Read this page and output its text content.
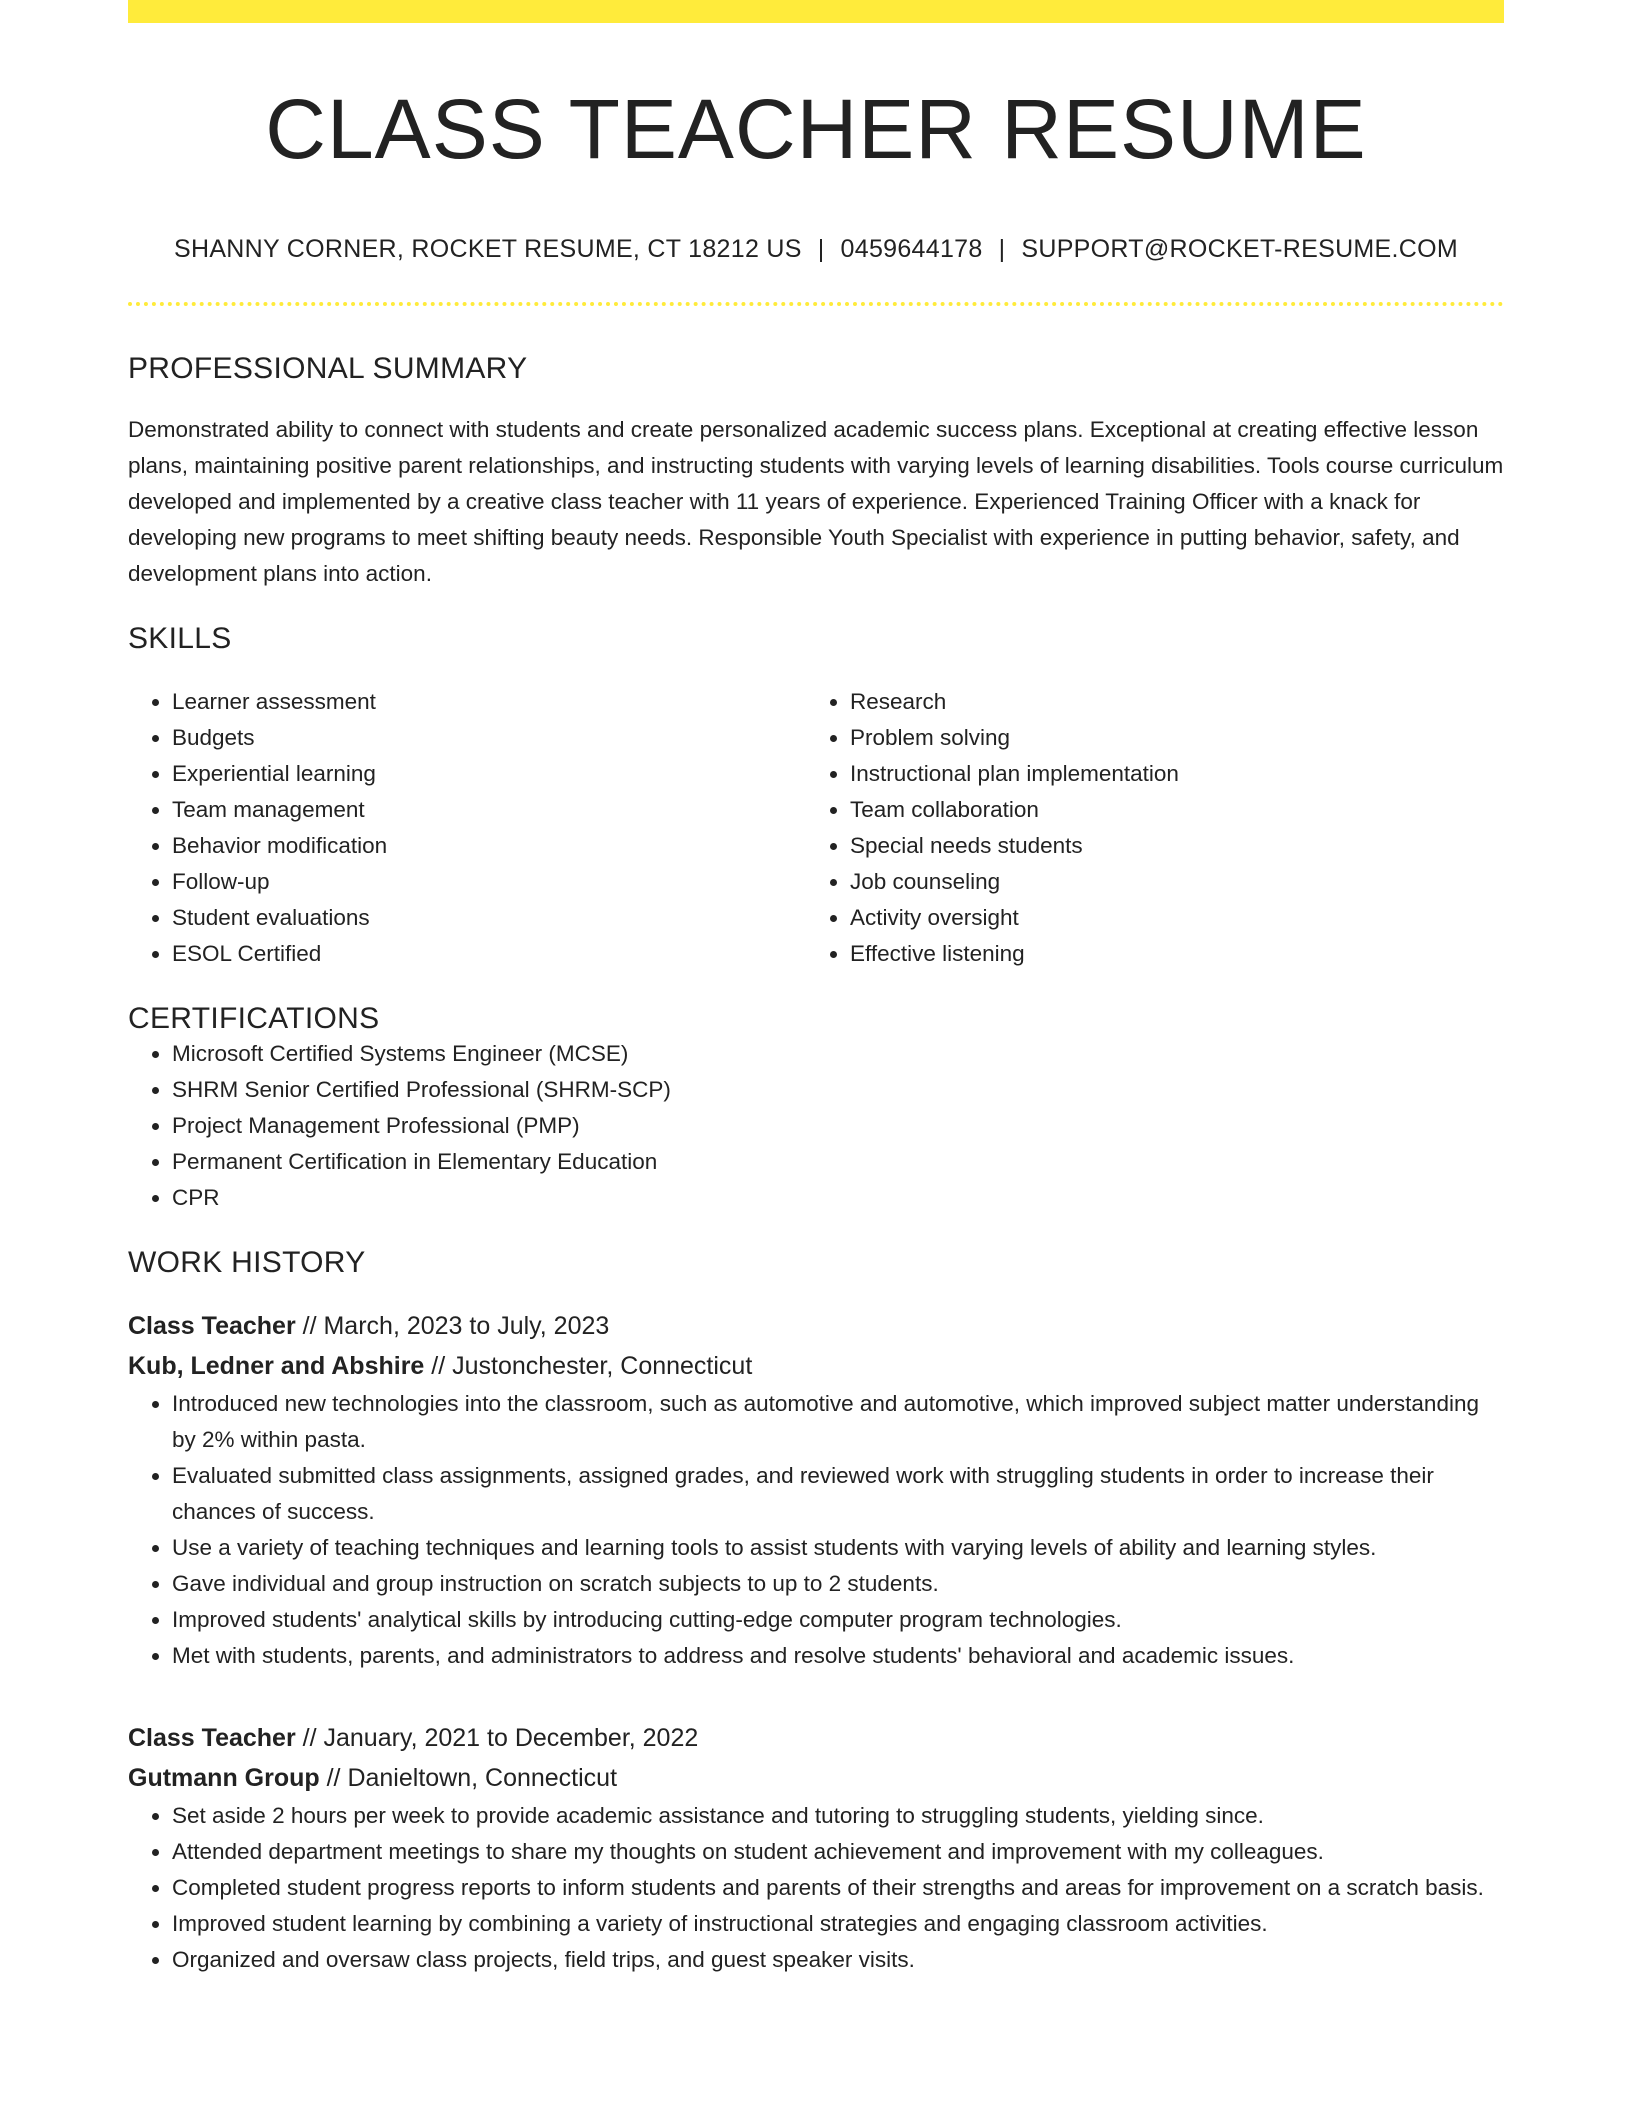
CLASS TEACHER RESUME
SHANNY CORNER, ROCKET RESUME, CT 18212 US | 0459644178 | SUPPORT@ROCKET-RESUME.COM
PROFESSIONAL SUMMARY
Demonstrated ability to connect with students and create personalized academic success plans. Exceptional at creating effective lesson plans, maintaining positive parent relationships, and instructing students with varying levels of learning disabilities. Tools course curriculum developed and implemented by a creative class teacher with 11 years of experience. Experienced Training Officer with a knack for developing new programs to meet shifting beauty needs. Responsible Youth Specialist with experience in putting behavior, safety, and development plans into action.
SKILLS
• Learner assessment
• Budgets
• Experiential learning
• Team management
• Behavior modification
• Follow-up
• Student evaluations
• ESOL Certified
• Research
• Problem solving
• Instructional plan implementation
• Team collaboration
• Special needs students
• Job counseling
• Activity oversight
• Effective listening
CERTIFICATIONS
• Microsoft Certified Systems Engineer (MCSE)
• SHRM Senior Certified Professional (SHRM-SCP)
• Project Management Professional (PMP)
• Permanent Certification in Elementary Education
• CPR
WORK HISTORY
Class Teacher // March, 2023 to July, 2023
Kub, Ledner and Abshire // Justonchester, Connecticut
• Introduced new technologies into the classroom, such as automotive and automotive, which improved subject matter understanding by 2% within pasta.
• Evaluated submitted class assignments, assigned grades, and reviewed work with struggling students in order to increase their chances of success.
• Use a variety of teaching techniques and learning tools to assist students with varying levels of ability and learning styles.
• Gave individual and group instruction on scratch subjects to up to 2 students.
• Improved students' analytical skills by introducing cutting-edge computer program technologies.
• Met with students, parents, and administrators to address and resolve students' behavioral and academic issues.
Class Teacher // January, 2021 to December, 2022
Gutmann Group // Danieltown, Connecticut
• Set aside 2 hours per week to provide academic assistance and tutoring to struggling students, yielding since.
• Attended department meetings to share my thoughts on student achievement and improvement with my colleagues.
• Completed student progress reports to inform students and parents of their strengths and areas for improvement on a scratch basis.
• Improved student learning by combining a variety of instructional strategies and engaging classroom activities.
• Organized and oversaw class projects, field trips, and guest speaker visits.
